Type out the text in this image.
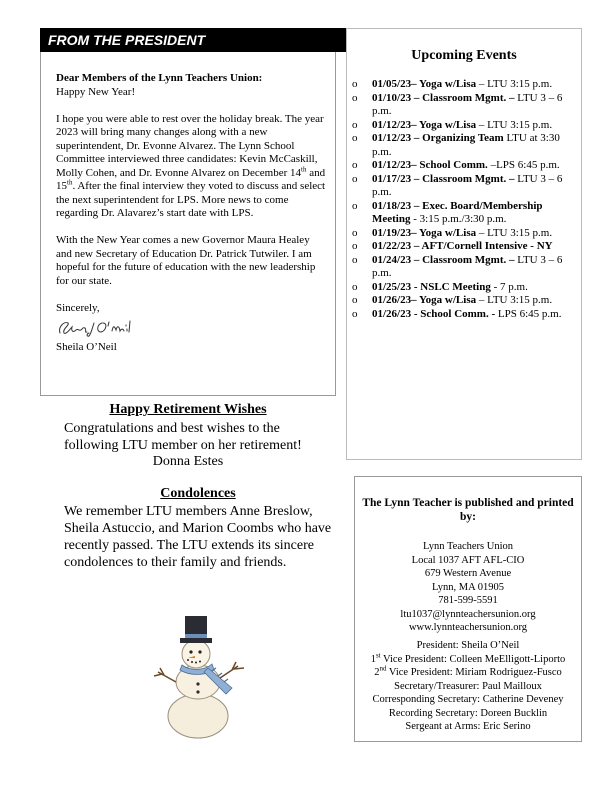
FROM THE PRESIDENT
Dear Members of the Lynn Teachers Union:

Happy New Year!

I hope you were able to rest over the holiday break. The year 2023 will bring many changes along with a new superintendent, Dr. Evonne Alvarez. The Lynn School Committee interviewed three candidates: Kevin McCaskill, Molly Cohen, and Dr. Evonne Alvarez on December 14th and 15th. After the final interview they voted to discuss and select the next superintendent for LPS. More news to come regarding Dr. Alavarez’s start date with LPS.

With the New Year comes a new Governor Maura Healey and new Secretary of Education Dr. Patrick Tutwiler. I am hopeful for the future of education with the new leadership for our state.

Sincerely,
Sheila O’Neil
Upcoming Events
o 01/05/23– Yoga w/Lisa – LTU 3:15 p.m.
o 01/10/23 – Classroom Mgmt. – LTU 3 – 6 p.m.
o 01/12/23– Yoga w/Lisa – LTU 3:15 p.m.
o 01/12/23 – Organizing Team LTU at 3:30 p.m.
o 01/12/23– School Comm. –LPS 6:45 p.m.
o 01/17/23 – Classroom Mgmt. – LTU 3 – 6 p.m.
o 01/18/23 – Exec. Board/Membership Meeting - 3:15 p.m./3:30 p.m.
o 01/19/23– Yoga w/Lisa – LTU 3:15 p.m.
o 01/22/23 – AFT/Cornell Intensive - NY
o 01/24/23 – Classroom Mgmt. – LTU 3 – 6 p.m.
o 01/25/23 - NSLC Meeting - 7 p.m.
o 01/26/23– Yoga w/Lisa – LTU 3:15 p.m.
o 01/26/23 - School Comm. - LPS 6:45 p.m.
Happy Retirement Wishes
Congratulations and best wishes to the following LTU member on her retirement!
Donna Estes
Condolences
We remember LTU members Anne Breslow, Sheila Astuccio, and Marion Coombs who have recently passed. The LTU extends its sincere condolences to their family and friends.
The Lynn Teacher is published and printed by:
Lynn Teachers Union
Local 1037 AFT AFL-CIO
679 Western Avenue
Lynn, MA 01905
781-599-5591
ltu1037@lynnteachersunion.org
www.lynnteachersunion.org
President: Sheila O’Neil
1st Vice President: Colleen MeElligott-Liporto
2nd Vice President: Miriam Rodriguez-Fusco
Secretary/Treasurer: Paul Mailloux
Corresponding Secretary: Catherine Deveney
Recording Secretary: Doreen Bucklin
Sergeant at Arms: Eric Serino
